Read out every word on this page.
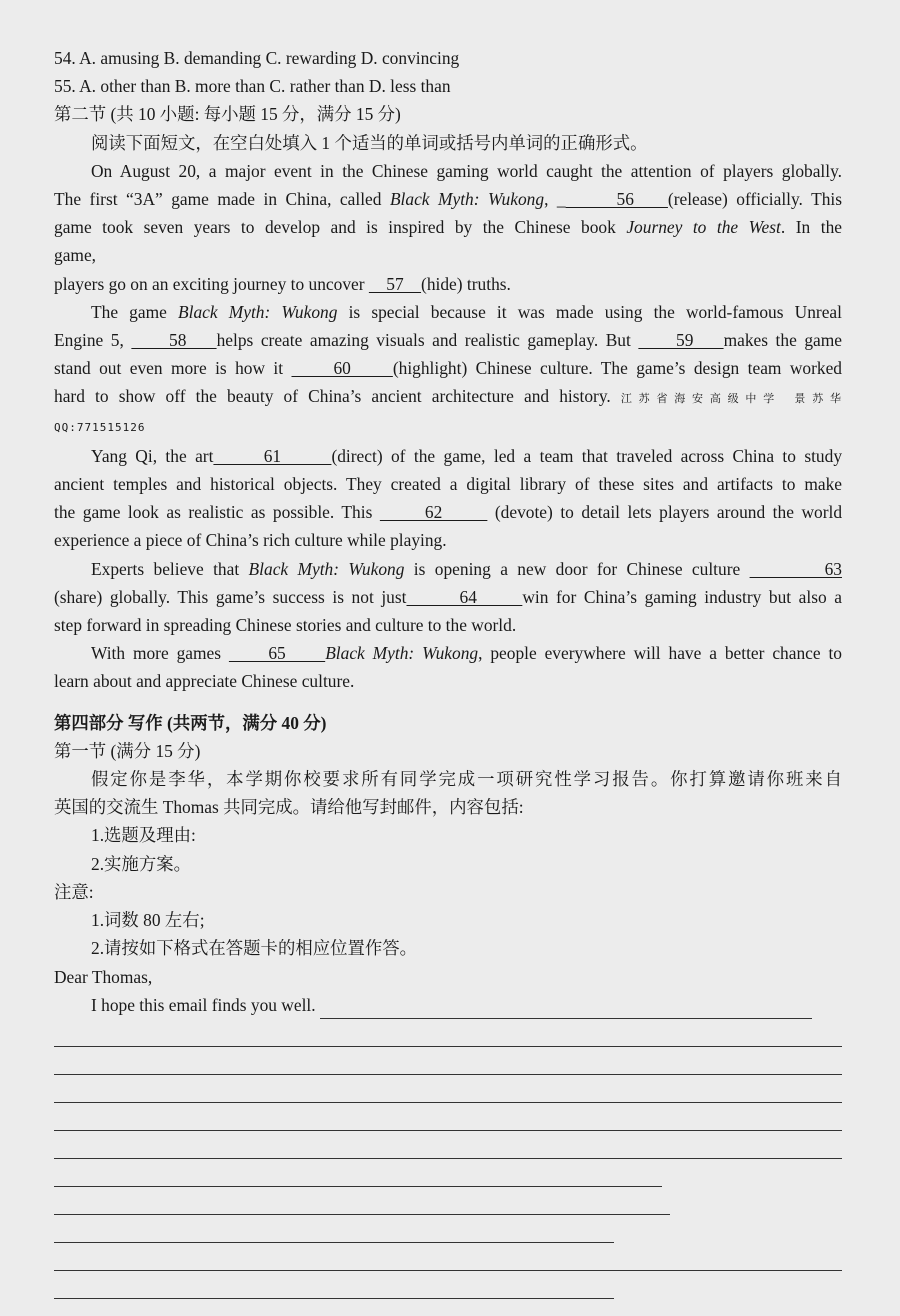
54. A. amusing B. demanding C. rewarding D. convincing
55. A. other than B. more than C. rather than D. less than
第二节 (共 10 小题: 每小题 15 分，满分 15 分)
阅读下面短文，在空白处填入 1 个适当的单词或括号内单词的正确形式。
On August 20, a major event in the Chinese gaming world caught the attention of players globally.
The first “3A” game made in China, called Black Myth: Wukong, _      56    (release) officially. This
game took seven years to develop and is inspired by the Chinese book Journey to the West. In the
game,
players go on an exciting journey to uncover     57    (hide) truths.
The game Black Myth: Wukong is special because it was made using the world-famous Unreal
Engine 5,      58    helps create amazing visuals and realistic gameplay. But      59    makes the game
stand out even more is how it      60     (highlight) Chinese culture. The game’s design team worked
hard to show off the beauty of China’s ancient architecture and history. 江苏省海安高级中学 景苏华
QQ:771515126
Yang Qi, the art      61      (direct) of the game, led a team that traveled across China to study
ancient temples and historical objects. They created a digital library of these sites and artifacts to make
the game look as realistic as possible. This       62       (devote) to detail lets players around the world
experience a piece of China’s rich culture while playing.
Experts believe that Black Myth: Wukong is opening a new door for Chinese culture         63
(share) globally. This game’s success is not just       64      win for China’s gaming industry but also a
step forward in spreading Chinese stories and culture to the world.
With more games      65     Black Myth: Wukong, people everywhere will have a better chance to
learn about and appreciate Chinese culture.
第四部分 写作 (共两节，满分 40 分)
第一节 (满分 15 分)
假定你是李华，本学期你校要求所有同学完成一项研究性学习报告。你打算邀请你班来自
英国的交流生 Thomas 共同完成。请给他写封邮件，内容包括:
1.选题及理由:
2.实施方案。
注意:
1.词数 80 左右;
2.请按如下格式在答题卡的相应位置作答。
Dear Thomas,
I hope this email finds you well.
